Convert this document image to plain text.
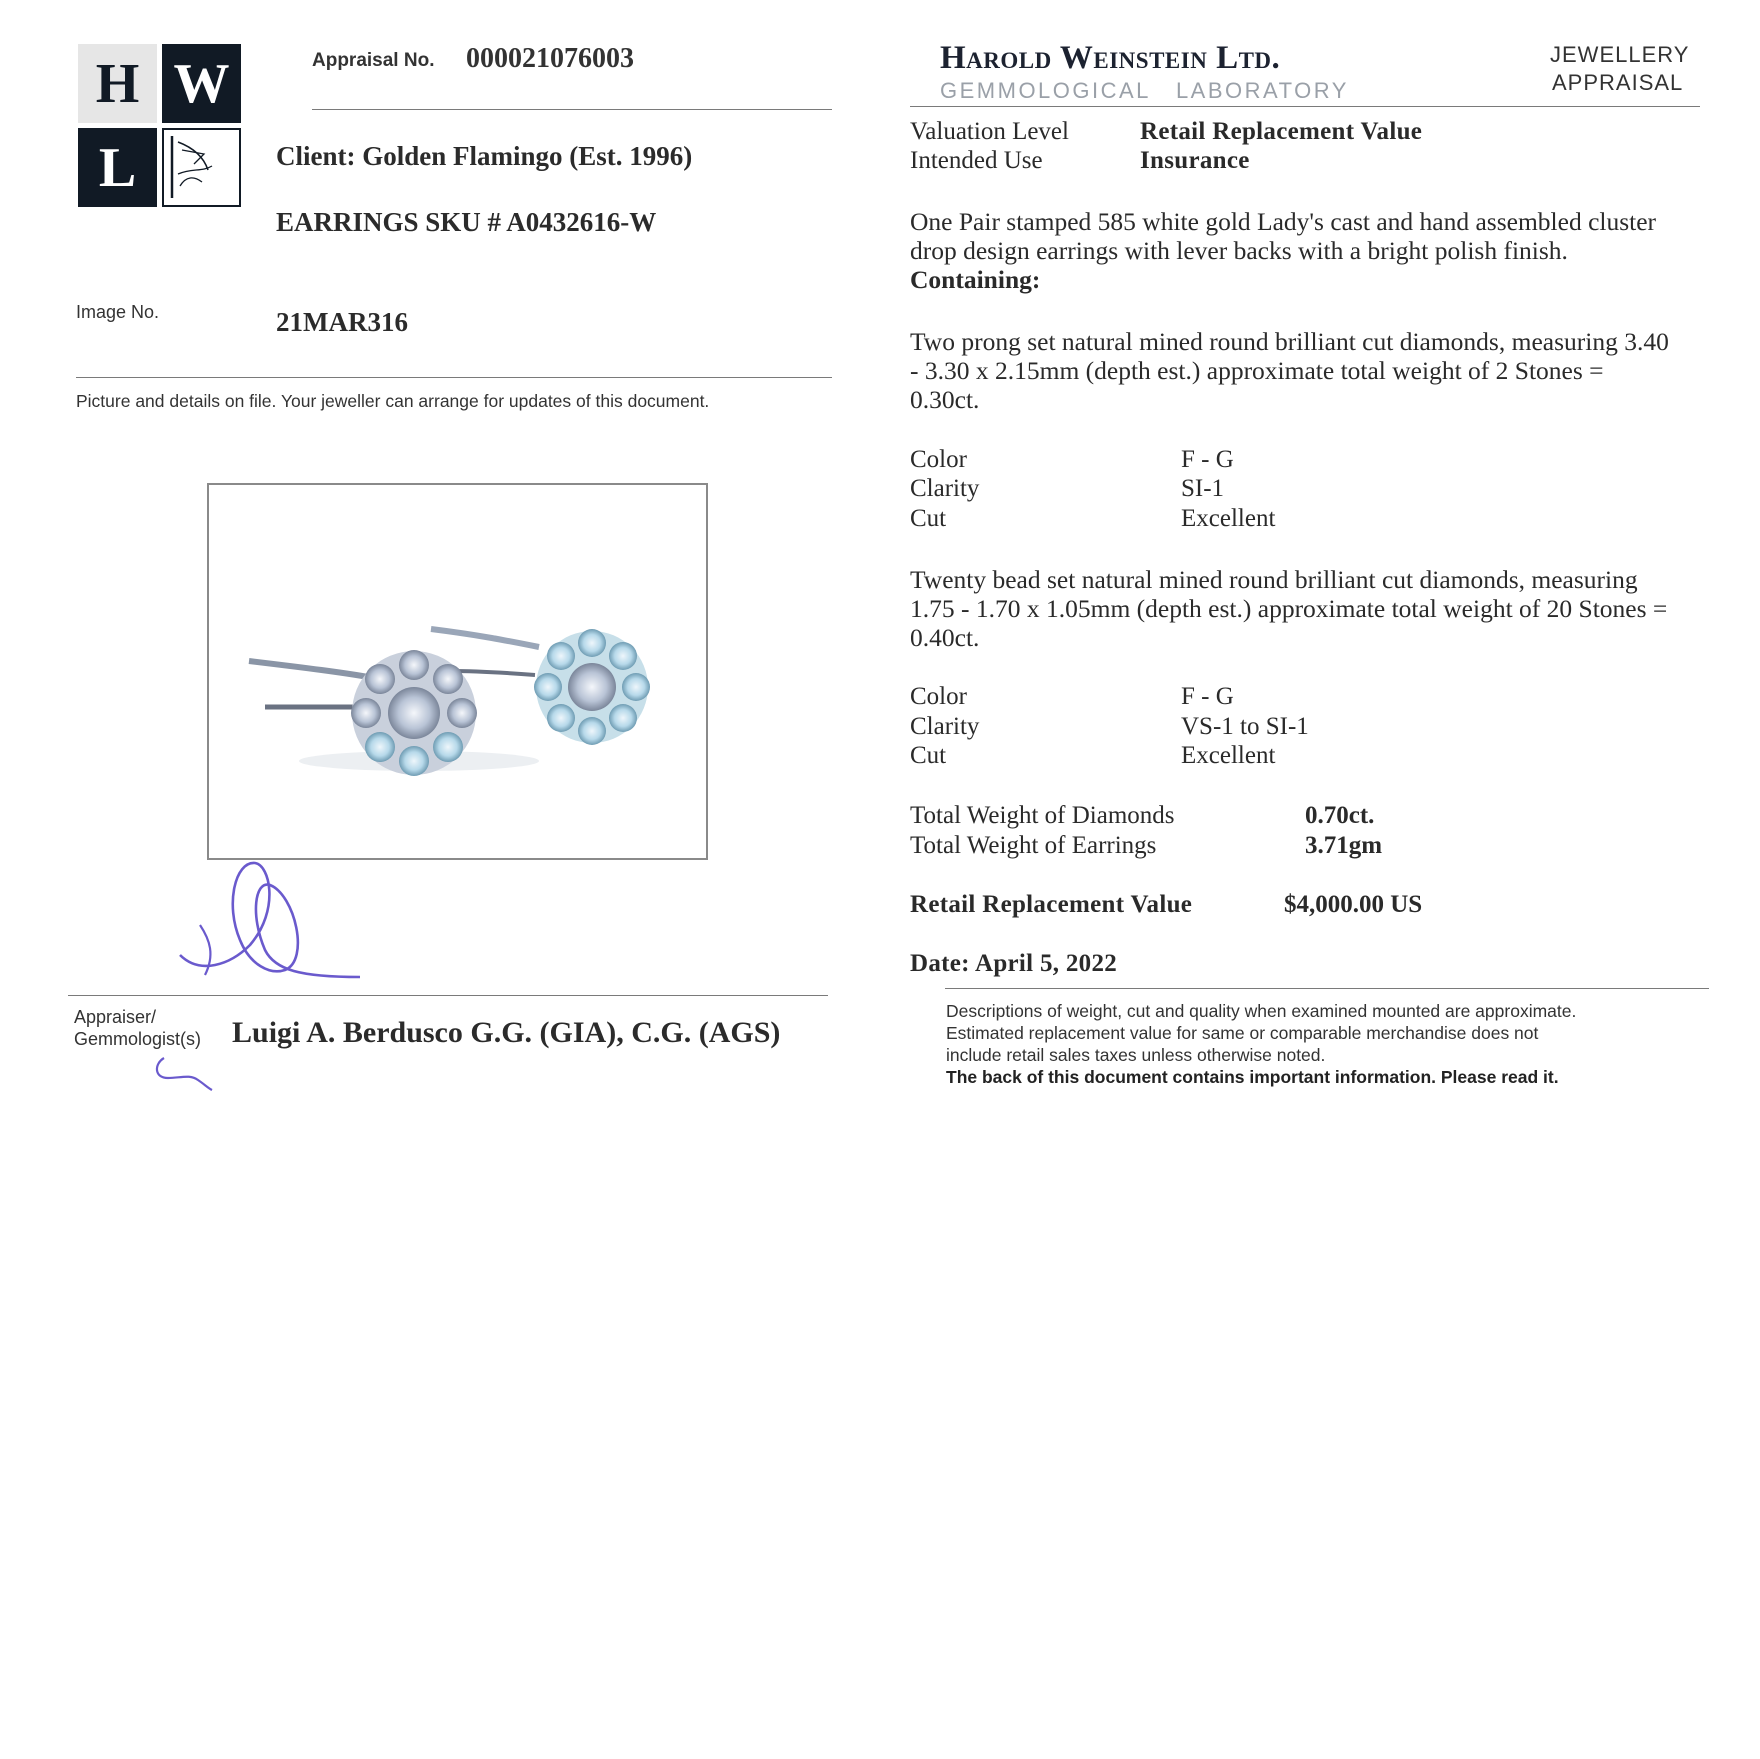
H W
L
Appraisal No. 000021076003
Client: Golden Flamingo (Est. 1996)
EARRINGS SKU # A0432616-W
Image No.	21MAR316
Picture and details on file. Your jeweller can arrange for updates of this document.
Appraiser/
Gemmologist(s) Luigi A. Berdusco G.G. (GIA), C.G. (AGS)
Harold Weinstein Ltd.
GEMMOLOGICAL   LABORATORY
JEWELLERY
APPRAISAL
Valuation Level	Retail Replacement Value
Intended Use	Insurance
One Pair stamped 585 white gold Lady's cast and hand assembled cluster drop design earrings with lever backs with a bright polish finish. Containing:
Two prong set natural mined round brilliant cut diamonds, measuring 3.40 - 3.30 x 2.15mm (depth est.) approximate total weight of 2 Stones = 0.30ct.
Color	F - G
Clarity	SI-1
Cut	Excellent
Twenty bead set natural mined round brilliant cut diamonds, measuring 1.75 - 1.70 x 1.05mm (depth est.) approximate total weight of 20 Stones = 0.40ct.
Color	F - G
Clarity	VS-1 to SI-1
Cut	Excellent
Total Weight of Diamonds	0.70ct.
Total Weight of Earrings	3.71gm
Retail Replacement Value	$4,000.00 US
Date: April 5, 2022
Descriptions of weight, cut and quality when examined mounted are approximate.
Estimated replacement value for same or comparable merchandise does not
include retail sales taxes unless otherwise noted.
The back of this document contains important information. Please read it.
